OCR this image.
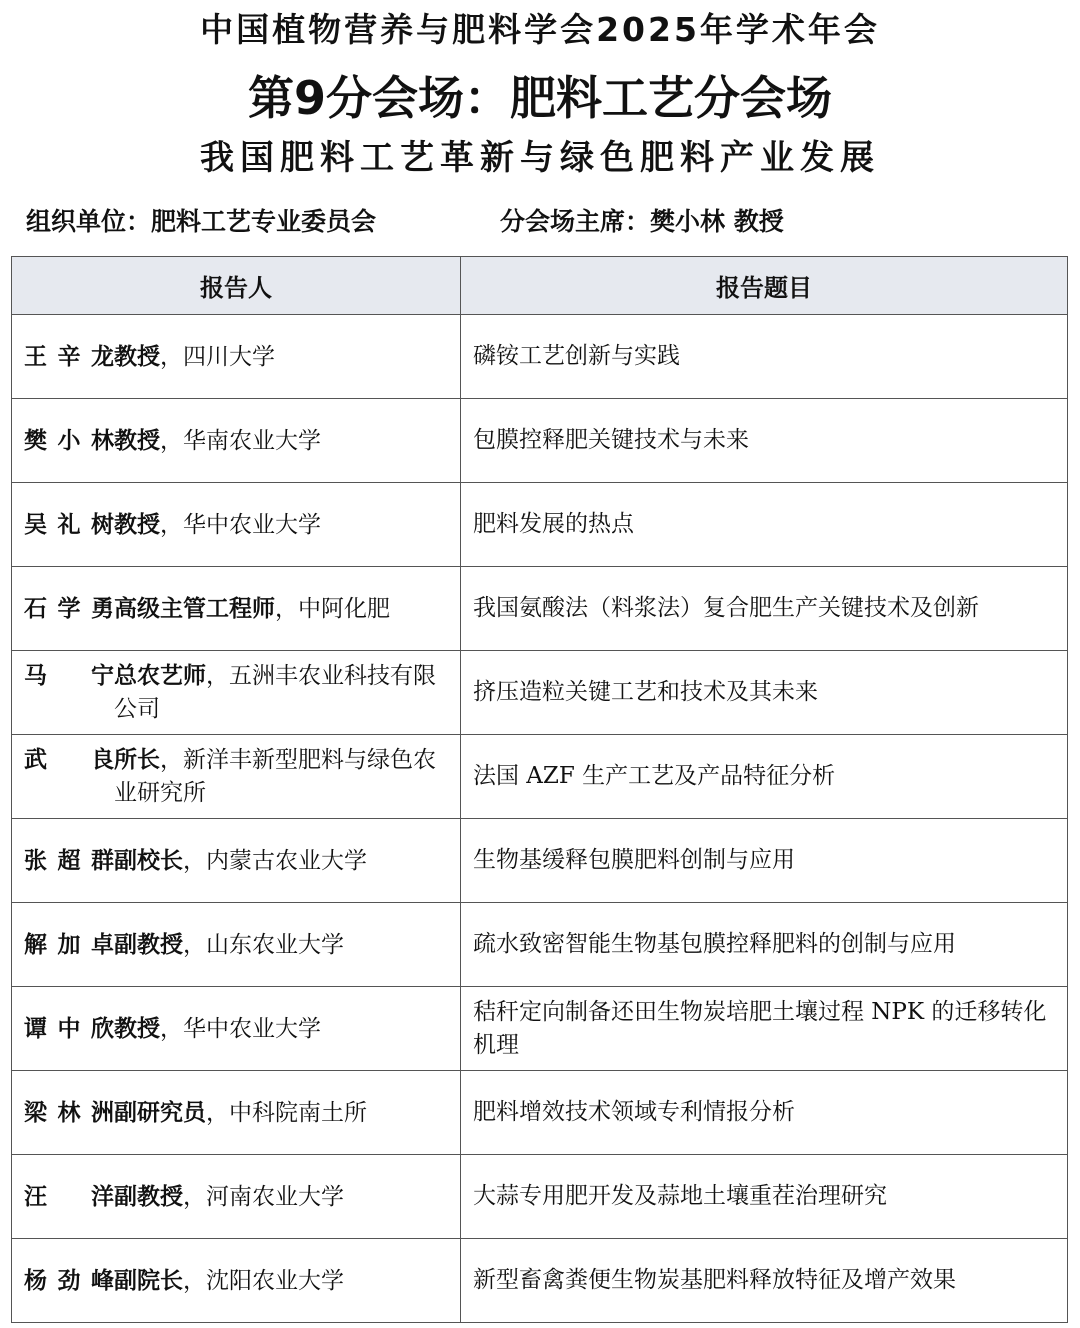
中国植物营养与肥料学会2025年学术年会
第9分会场：肥料工艺分会场
我国肥料工艺革新与绿色肥料产业发展
组织单位：肥料工艺专业委员会	分会场主席：樊小林 教授
报告人	报告题目

王辛龙 教授，四川大学	磷铵工艺创新与实践

樊小林 教授，华南农业大学	包膜控释肥关键技术与未来

吴礼树 教授，华中农业大学	肥料发展的热点

石学勇 高级主管工程师，中阿化肥	我国氨酸法（料浆法）复合肥生产关键技术及创新

马　宁 总农艺师，五洲丰农业科技有限公司	挤压造粒关键工艺和技术及其未来

武　良 所长，新洋丰新型肥料与绿色农业研究所	法国 AZF 生产工艺及产品特征分析

张超群 副校长，内蒙古农业大学	生物基缓释包膜肥料创制与应用

解加卓 副教授，山东农业大学	疏水致密智能生物基包膜控释肥料的创制与应用

谭中欣 教授，华中农业大学	秸秆定向制备还田生物炭培肥土壤过程 NPK 的迁移转化机理

梁林洲 副研究员，中科院南土所	肥料增效技术领域专利情报分析

汪　洋 副教授，河南农业大学	大蒜专用肥开发及蒜地土壤重茬治理研究

杨劲峰 副院长，沈阳农业大学	新型畜禽粪便生物炭基肥料释放特征及增产效果
